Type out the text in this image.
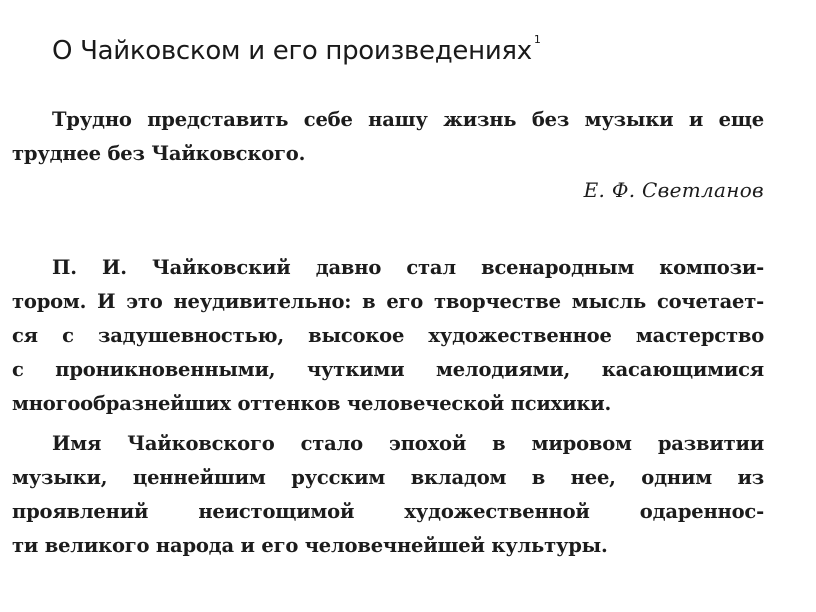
О Чайковском и его произведениях $^1$

Трудно представить себе нашу жизнь без музыки и еще

труднее без Чайковского.

Е. Ф. Светланов

П. И. Чайковский давно стал всенародным компози-

тором. И это неудивительно: в его творчестве мысль сочетает-

ся с задушевностью, высокое художественное мастерство

с проникновенными, чуткими мелодиями, касающимися

многообразнейших оттенков человеческой психики.

Имя Чайковского стало эпохой в мировом развитии

музыки, ценнейшим русским вкладом в нее, одним из

проявлений неистощимой художественной одареннос-

ти великого народа и его человечнейшей культуры.
